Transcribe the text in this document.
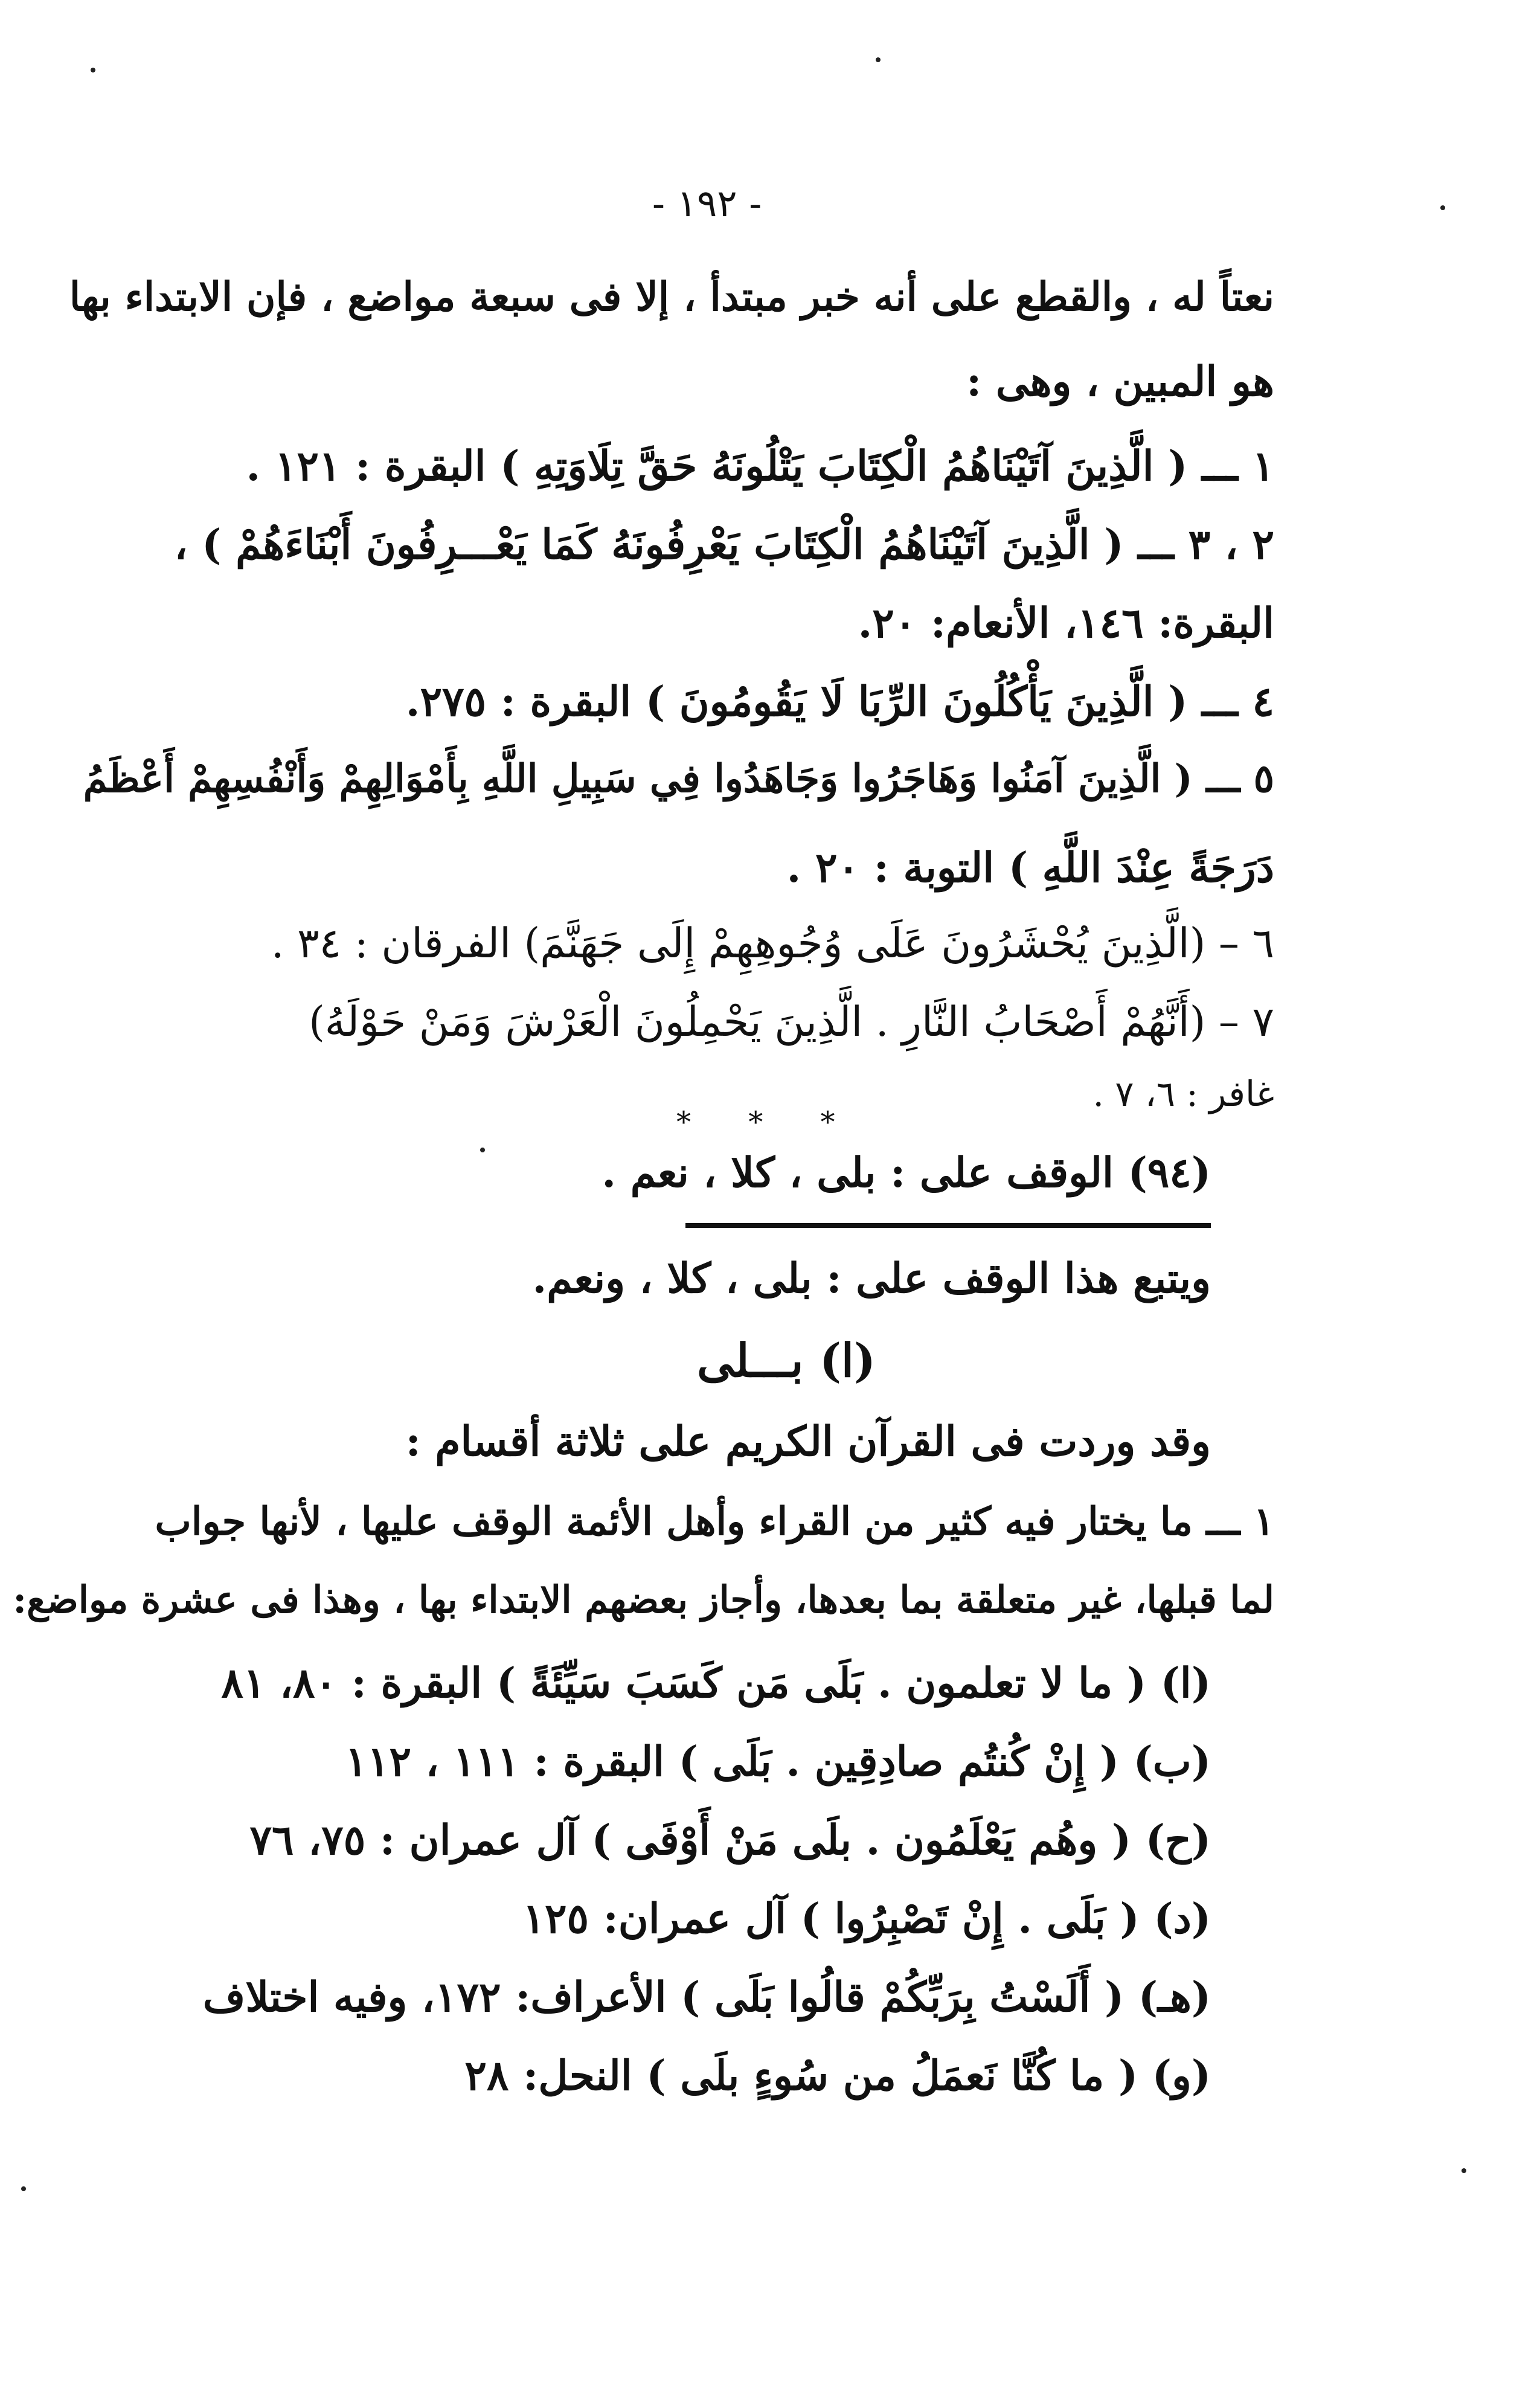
- ١٩٢ -
نعتاً له ، والقطع على أنه خبر مبتدأ ، إلا فى سبعة مواضع ، فإن الابتداء بها
هو المبين ، وهى :
١ ـــ ( الَّذِينَ آتَيْنَاهُمُ الْكِتَابَ يَتْلُونَهُ حَقَّ تِلَاوَتِهِ ) البقرة : ١٢١ .
٢ ، ٣ ـــ ( الَّذِينَ آتَيْنَاهُمُ الْكِتَابَ يَعْرِفُونَهُ كَمَا يَعْـــرِفُونَ أَبْنَاءَهُمْ ) ،
البقرة: ١٤٦، الأنعام: ٢٠.
٤ ـــ ( الَّذِينَ يَأْكُلُونَ الرِّبَا لَا يَقُومُونَ ) البقرة : ٢٧٥.
٥ ـــ ( الَّذِينَ آمَنُوا وَهَاجَرُوا وَجَاهَدُوا فِي سَبِيلِ اللَّهِ بِأَمْوَالِهِمْ وَأَنْفُسِهِمْ أَعْظَمُ
دَرَجَةً عِنْدَ اللَّهِ ) التوبة : ٢٠ .
٦ – (الَّذِينَ يُحْشَرُونَ عَلَى وُجُوهِهِمْ إِلَى جَهَنَّمَ) الفرقان : ٣٤ .
٧ – (أَنَّهُمْ أَصْحَابُ النَّارِ . الَّذِينَ يَحْمِلُونَ الْعَرْشَ وَمَنْ حَوْلَهُ)
غافر : ٦، ٧ .
* * *
(٩٤) الوقف على : بلى ، كلا ، نعم .
ويتبع هذا الوقف على : بلى ، كلا ، ونعم.
(ا) بـــلى
وقد وردت فى القرآن الكريم على ثلاثة أقسام :
١ ـــ ما يختار فيه كثير من القراء وأهل الأئمة الوقف عليها ، لأنها جواب
لما قبلها، غير متعلقة بما بعدها، وأجاز بعضهم الابتداء بها ، وهذا فى عشرة مواضع:
(ا) ( ما لا تعلمون . بَلَى مَن كَسَبَ سَيِّئَةً ) البقرة : ٨٠، ٨١
(ب) ( إِنْ كُنتُم صادِقِين . بَلَى ) البقرة : ١١١ ، ١١٢
(ح) ( وهُم يَعْلَمُون . بلَى مَنْ أَوْفَى ) آل عمران : ٧٥، ٧٦
(د) ( بَلَى . إِنْ تَصْبِرُوا ) آل عمران: ١٢٥
(هـ) ( أَلَسْتُ بِرَبِّكُمْ قالُوا بَلَى ) الأعراف: ١٧٢، وفيه اختلاف
(و) ( ما كُنَّا نَعمَلُ من سُوءٍ بلَى ) النحل: ٢٨
